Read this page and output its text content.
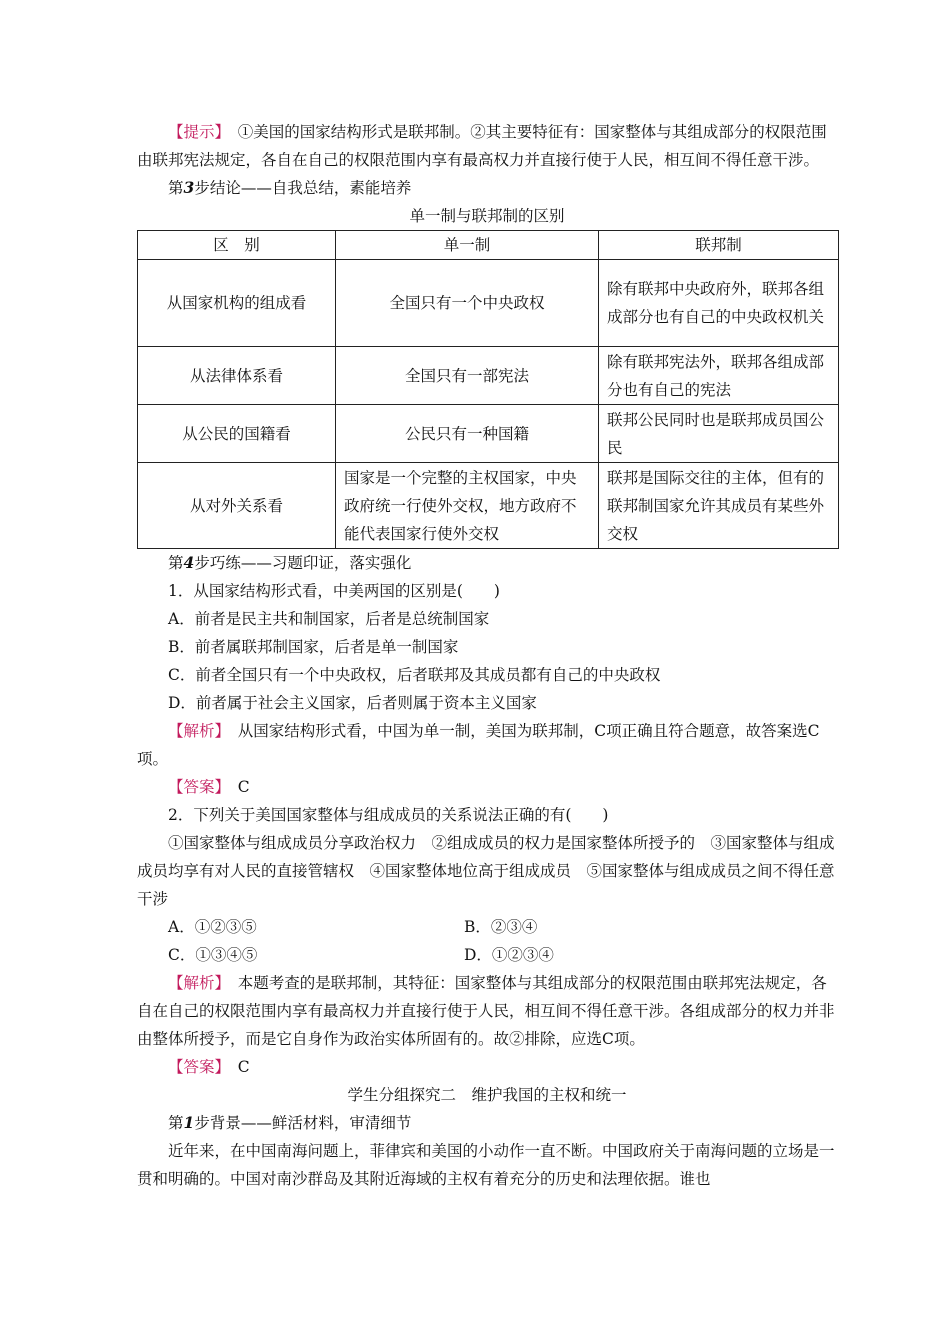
【提示】　 ①美国的国家结构形式是联邦制。②其主要特征有：国家整体与其组成部分的权限范围由联邦宪法规定，各自在自己的权限范围内享有最高权力并直接行使于人民，相互间不得任意干涉。

第3步结论——自我总结，素能培养

单一制与联邦制的区别

区　别	单一制	联邦制
从国家机构的组成看	全国只有一个中央政权	除有联邦中央政府外，联邦各组成部分也有自己的中央政权机关
从法律体系看	全国只有一部宪法	除有联邦宪法外，联邦各组成部分也有自己的宪法
从公民的国籍看	公民只有一种国籍	联邦公民同时也是联邦成员国公民
从对外关系看	国家是一个完整的主权国家，中央政府统一行使外交权，地方政府不能代表国家行使外交权	联邦是国际交往的主体，但有的联邦制国家允许其成员有某些外交权

第4步巧练——习题印证，落实强化

1．从国家结构形式看，中美两国的区别是(　　)

A．前者是民主共和制国家，后者是总统制国家

B．前者属联邦制国家，后者是单一制国家

C．前者全国只有一个中央政权，后者联邦及其成员都有自己的中央政权

D．前者属于社会主义国家，后者则属于资本主义国家

【解析】　从国家结构形式看，中国为单一制，美国为联邦制，C项正确且符合题意，故答案选C项。

【答案】　C

2．下列关于美国国家整体与组成成员的关系说法正确的有(　　)

①国家整体与组成成员分享政治权力　②组成成员的权力是国家整体所授予的　③国家整体与组成成员均享有对人民的直接管辖权　④国家整体地位高于组成成员　⑤国家整体与组成成员之间不得任意干涉

A．①②③⑤	B．②③④

C．①③④⑤	D．①②③④

【解析】　本题考查的是联邦制，其特征：国家整体与其组成部分的权限范围由联邦宪法规定，各自在自己的权限范围内享有最高权力并直接行使于人民，相互间不得任意干涉。各组成部分的权力并非由整体所授予，而是它自身作为政治实体所固有的。故②排除，应选C项。

【答案】　C

学生分组探究二　维护我国的主权和统一

第1步背景——鲜活材料，审清细节

近年来，在中国南海问题上，菲律宾和美国的小动作一直不断。中国政府关于南海问题的立场是一贯和明确的。中国对南沙群岛及其附近海域的主权有着充分的历史和法理依据。谁也
